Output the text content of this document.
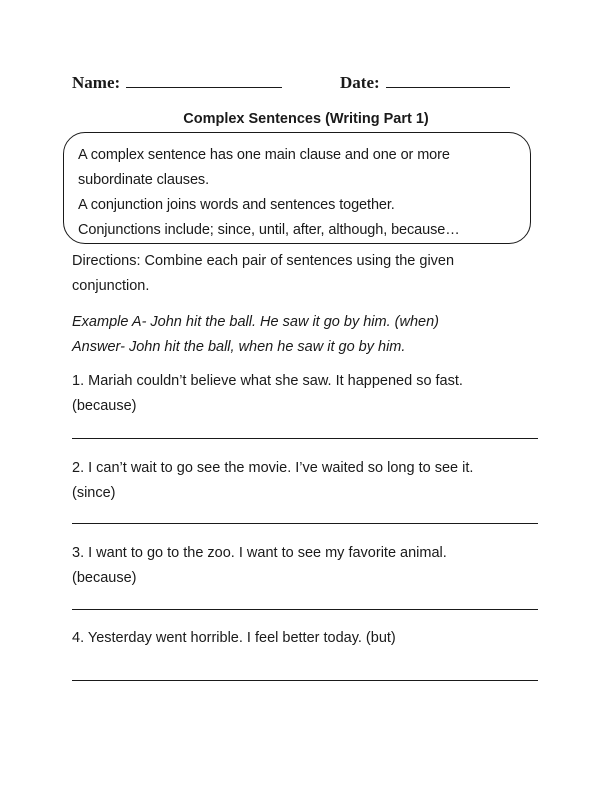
Name:	Date:
Complex Sentences (Writing Part 1)
A complex sentence has one main clause and one or more
subordinate clauses.
A conjunction joins words and sentences together.
Conjunctions include; since, until, after, although, because…
Directions: Combine each pair of sentences using the given
conjunction.
Example A- John hit the ball. He saw it go by him. (when)
Answer- John hit the ball, when he saw it go by him.
1. Mariah couldn’t believe what she saw. It happened so fast.
(because)
2. I can’t wait to go see the movie. I’ve waited so long to see it.
(since)
3. I want to go to the zoo. I want to see my favorite animal.
(because)
4. Yesterday went horrible. I feel better today. (but)
